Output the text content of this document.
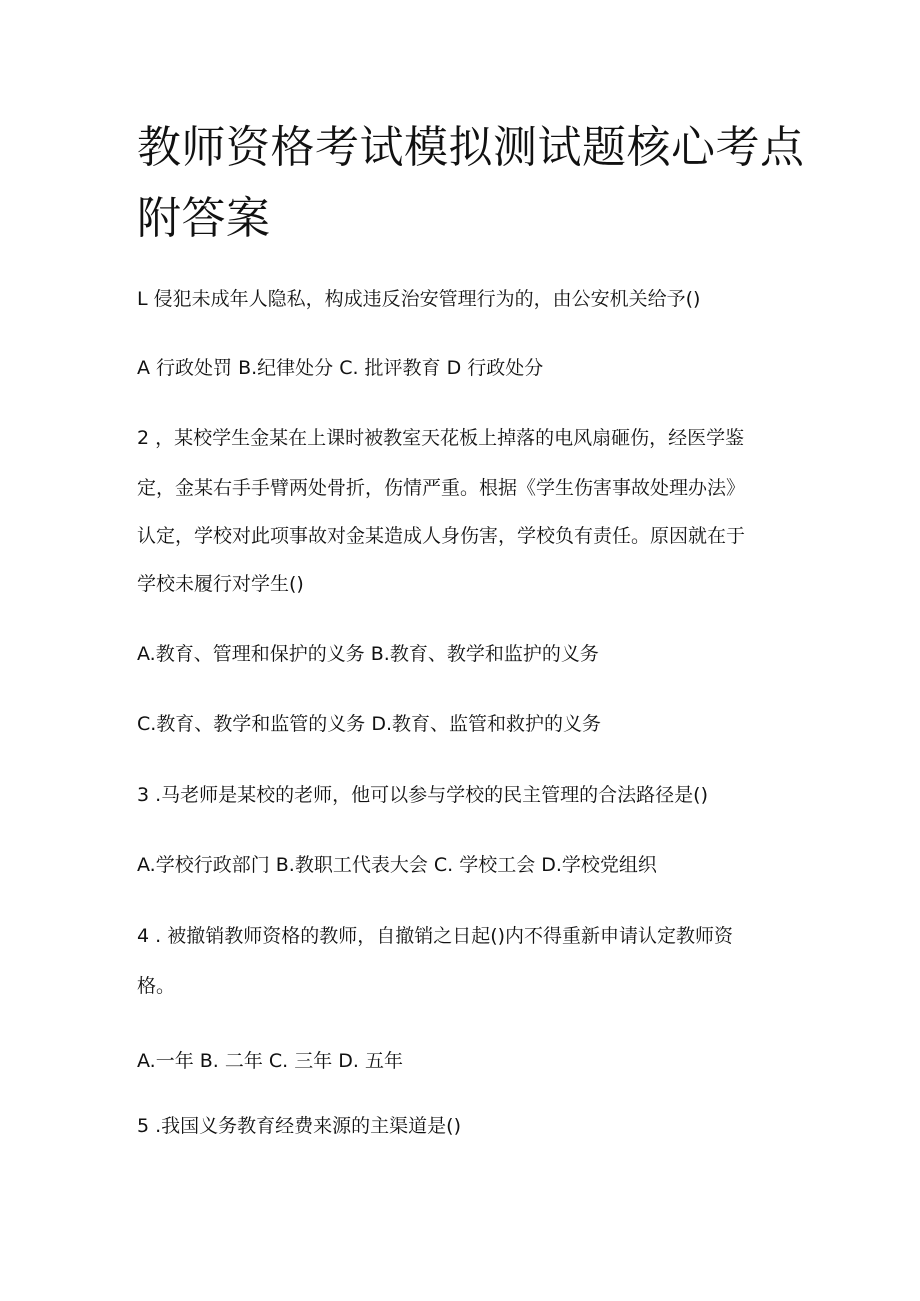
教师资格考试模拟测试题核心考点附答案

L 侵犯未成年人隐私，构成违反治安管理行为的，由公安机关给予()

A 行政处罚 B.纪律处分 C. 批评教育 D 行政处分

2 ，某校学生金某在上课时被教室天花板上掉落的电风扇砸伤，经医学鉴

定，金某右手手臂两处骨折，伤情严重。根据《学生伤害事故处理办法》

认定，学校对此项事故对金某造成人身伤害，学校负有责任。原因就在于

学校未履行对学生()

A.教育、管理和保护的义务 B.教育、教学和监护的义务

C.教育、教学和监管的义务 D.教育、监管和救护的义务

3 .马老师是某校的老师，他可以参与学校的民主管理的合法路径是()

A.学校行政部门 B.教职工代表大会 C. 学校工会 D.学校党组织

4 . 被撤销教师资格的教师，自撤销之日起()内不得重新申请认定教师资

格。

A.一年 B. 二年 C. 三年 D. 五年

5 .我国义务教育经费来源的主渠道是()
